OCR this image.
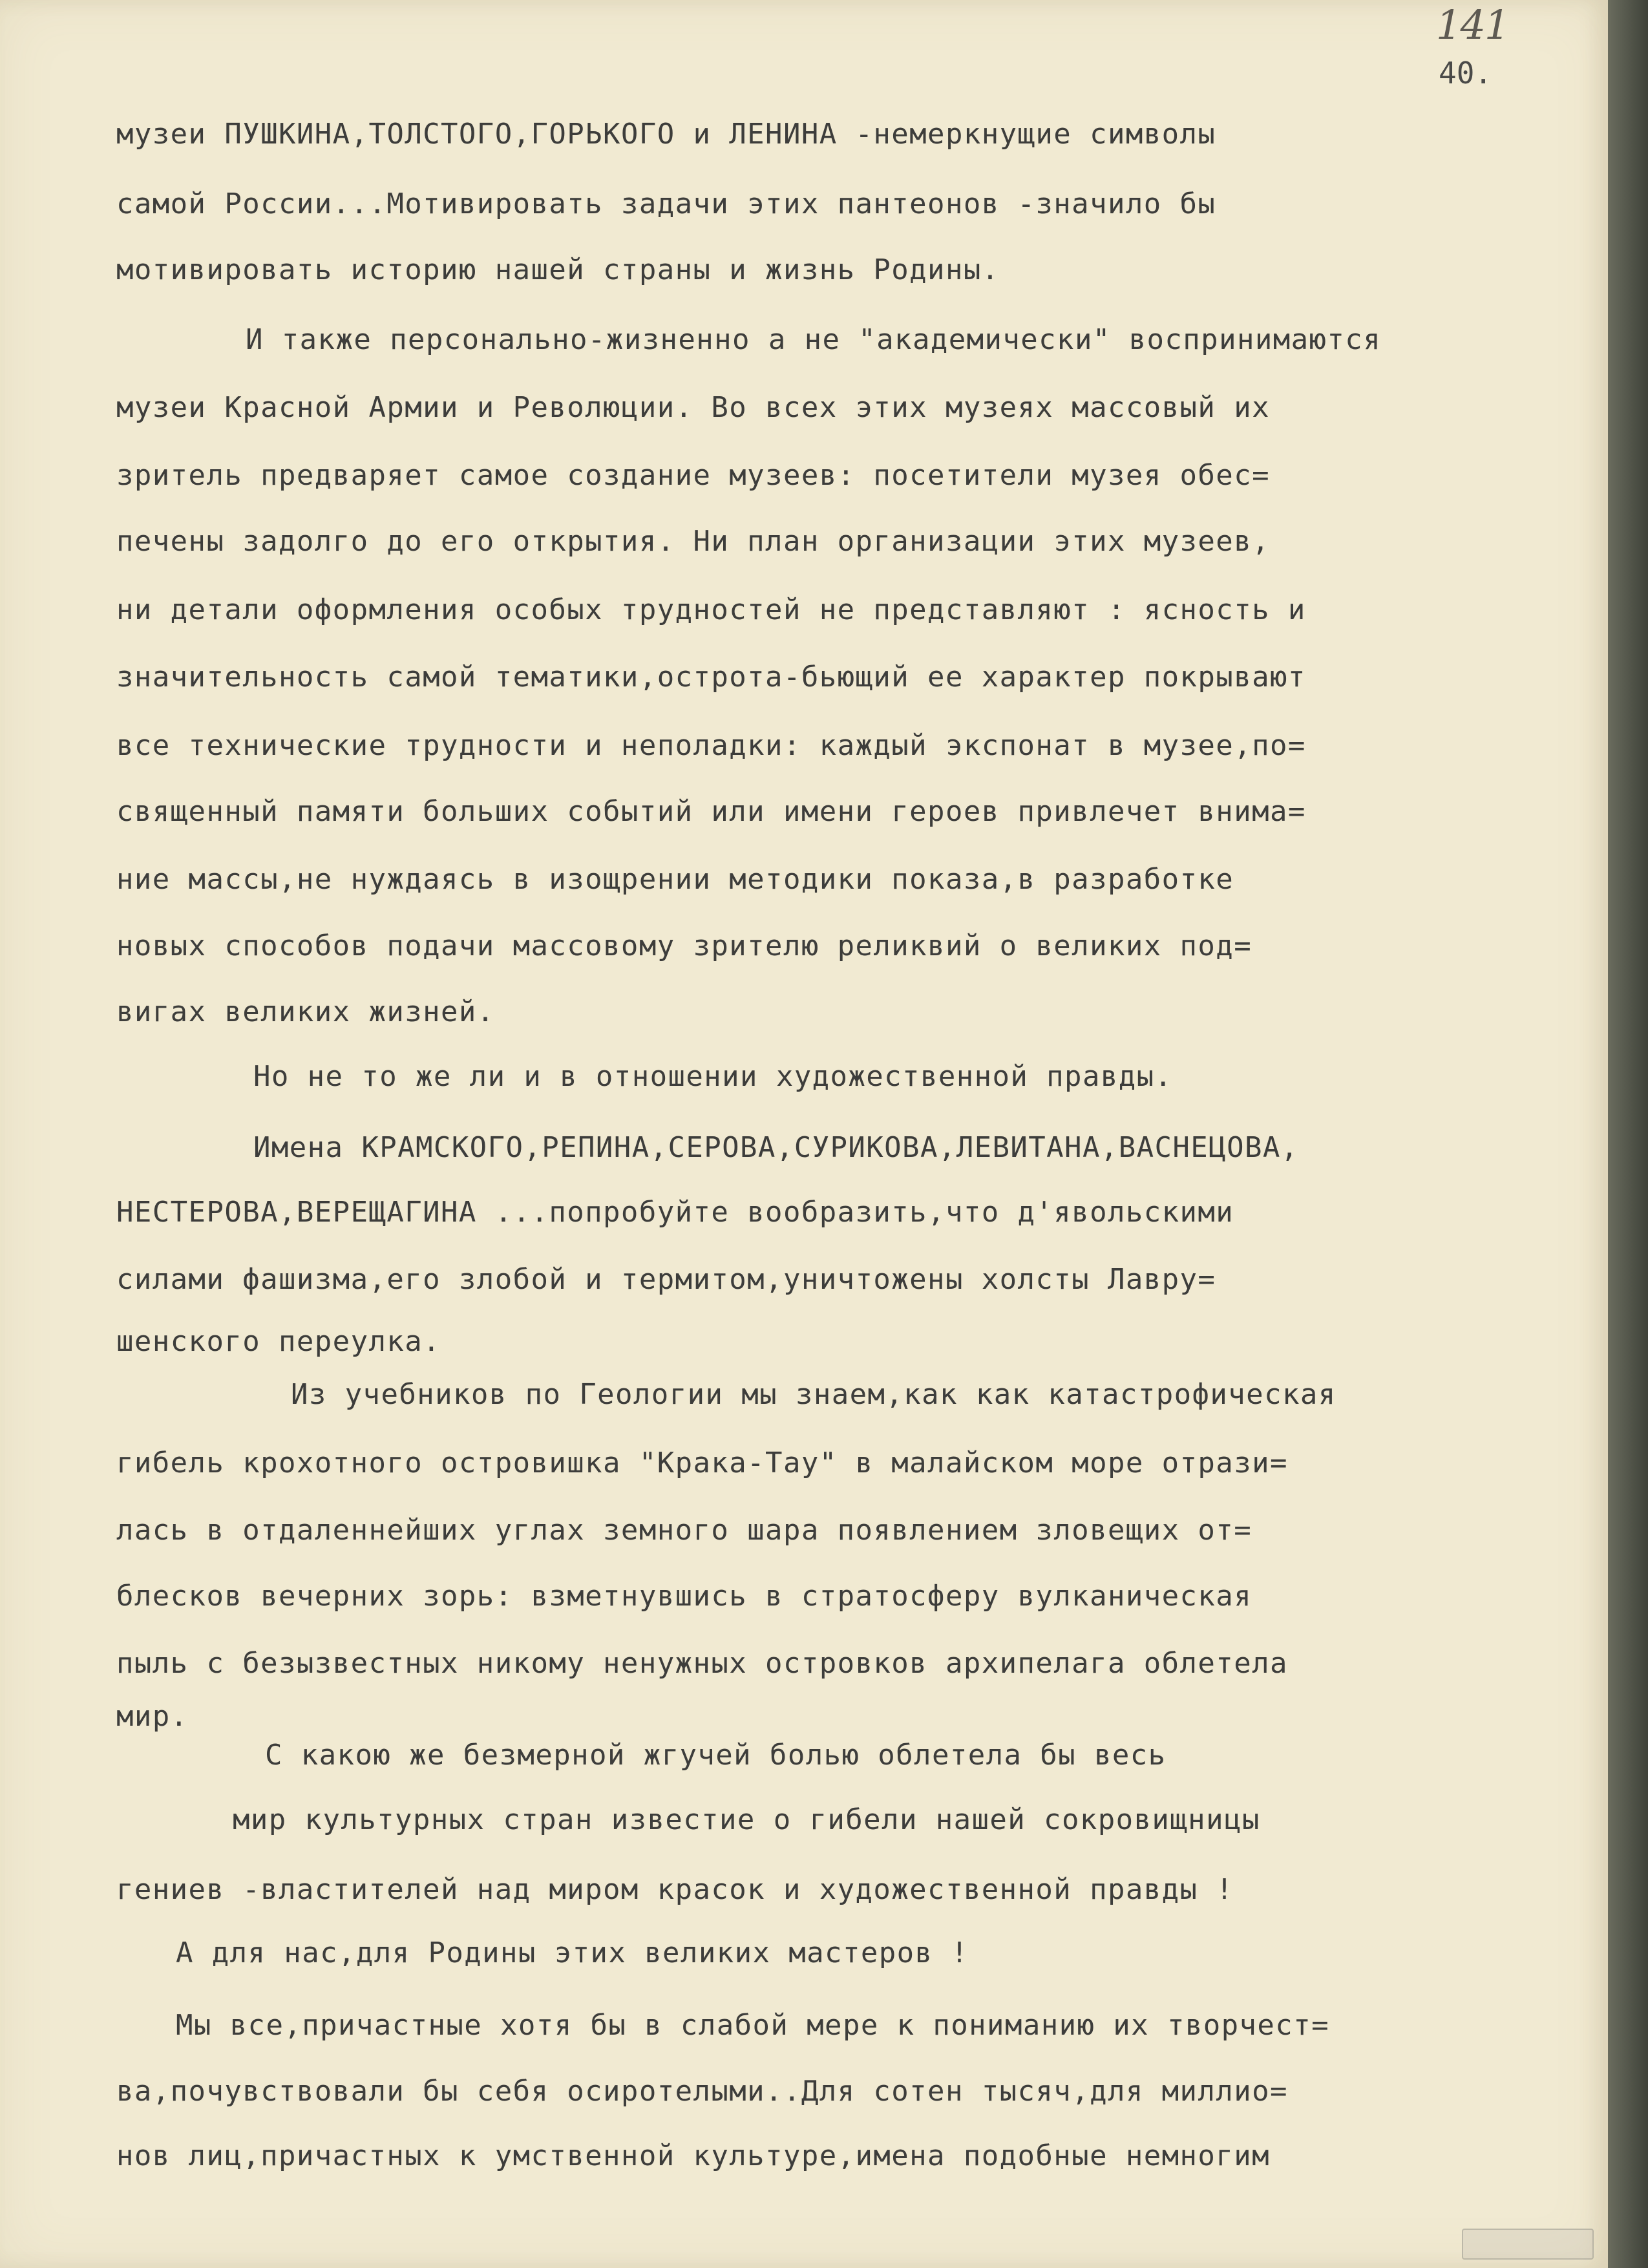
141
40.
музеи ПУШКИНА,ТОЛСТОГО,ГОРЬКОГО и ЛЕНИНА -немеркнущие символы
самой России...Мотивировать задачи этих пантеонов -значило бы
мотивировать историю нашей страны и жизнь Родины.
И также персонально-жизненно а не "академически" воспринимаются
музеи Красной Армии и Революции. Во всех этих музеях массовый их
зритель предваряет самое создание музеев: посетители музея обес=
печены задолго до его открытия. Ни план организации этих музеев,
ни детали оформления особых трудностей не представляют : ясность и
значительность самой тематики,острота-бьющий ее характер покрывают
все технические трудности и неполадки: каждый экспонат в музее,по=
священный памяти больших событий или имени героев привлечет внима=
ние массы,не нуждаясь в изощрении методики показа,в разработке
новых способов подачи массовому зрителю реликвий о великих под=
вигах великих жизней.
Но не то же ли и в отношении художественной правды.
Имена КРАМСКОГО,РЕПИНА,СЕРОВА,СУРИКОВА,ЛЕВИТАНА,ВАСНЕЦОВА,
НЕСТЕРОВА,ВЕРЕЩАГИНА ...попробуйте вообразить,что д'явольскими
силами фашизма,его злобой и термитом,уничтожены холсты Лавру=
шенского переулка.
Из учебников по Геологии мы знаем,как как катастрофическая
гибель крохотного островишка "Крака-Тау" в малайском море отрази=
лась в отдаленнейших углах земного шара появлением зловещих от=
блесков вечерних зорь: взметнувшись в стратосферу вулканическая
пыль с безызвестных никому ненужных островков архипелага облетела
мир.
С какою же безмерной жгучей болью облетела бы весь
мир культурных стран известие о гибели нашей сокровищницы
гениев -властителей над миром красок и художественной правды !
А для нас,для Родины этих великих мастеров !
Мы все,причастные хотя бы в слабой мере к пониманию их творчест=
ва,почувствовали бы себя осиротелыми..Для сотен тысяч,для миллио=
нов лиц,причастных к умственной культуре,имена подобные немногим
